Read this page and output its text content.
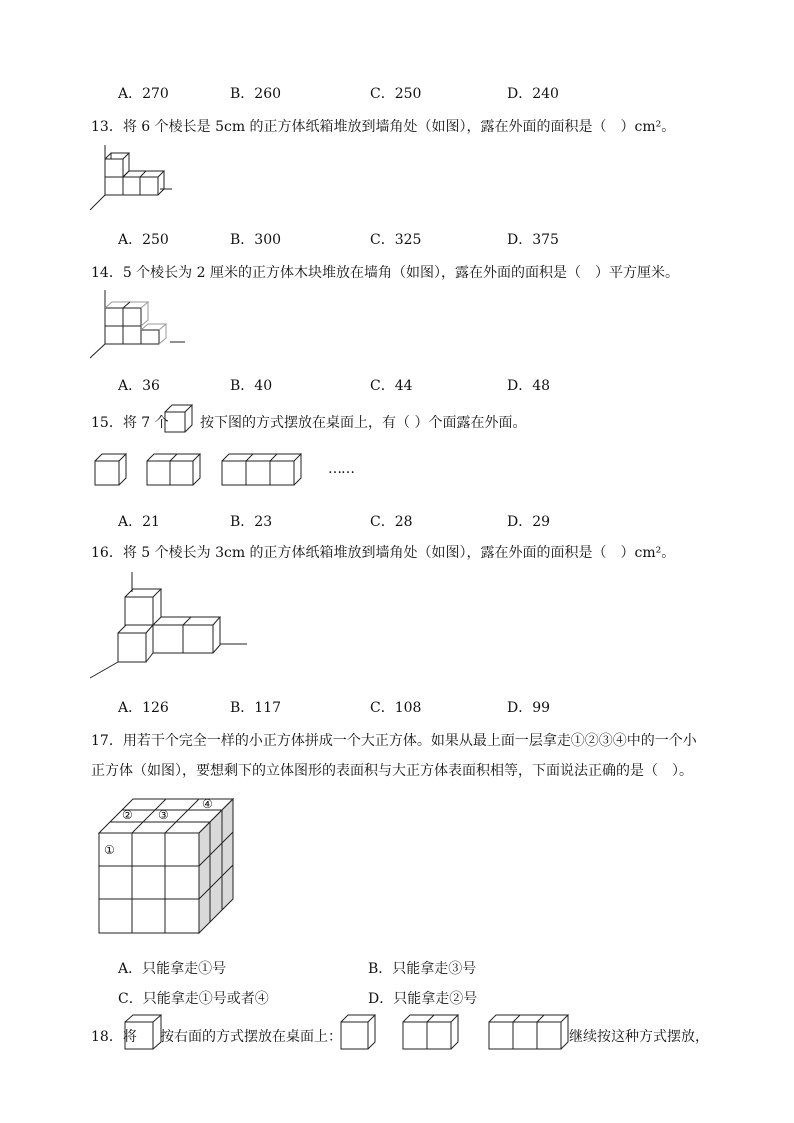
A．270	B．260	C．250	D．240
13．将 6 个棱长是 5cm 的正方体纸箱堆放到墙角处（如图），露在外面的面积是（　）cm²。
A．250	B．300	C．325	D．375
14．5 个棱长为 2 厘米的正方体木块堆放在墙角（如图），露在外面的面积是（　）平方厘米。
A．36	B．40	C．44	D．48
15．将 7 个 按下图的方式摆放在桌面上，有（ ）个面露在外面。
……
A．21	B．23	C．28	D．29
16．将 5 个棱长为 3cm 的正方体纸箱堆放到墙角处（如图），露在外面的面积是（　）cm²。
A．126	B．117	C．108	D．99
17．用若干个完全一样的小正方体拼成一个大正方体。如果从最上面一层拿走①②③④中的一个小
正方体（如图），要想剩下的立体图形的表面积与大正方体表面积相等，下面说法正确的是（　）。
①
② ③
④
A．只能拿走①号	B．只能拿走③号
C．只能拿走①号或者④	D．只能拿走②号
18．将 按右面的方式摆放在桌面上：	继续按这种方式摆放，
